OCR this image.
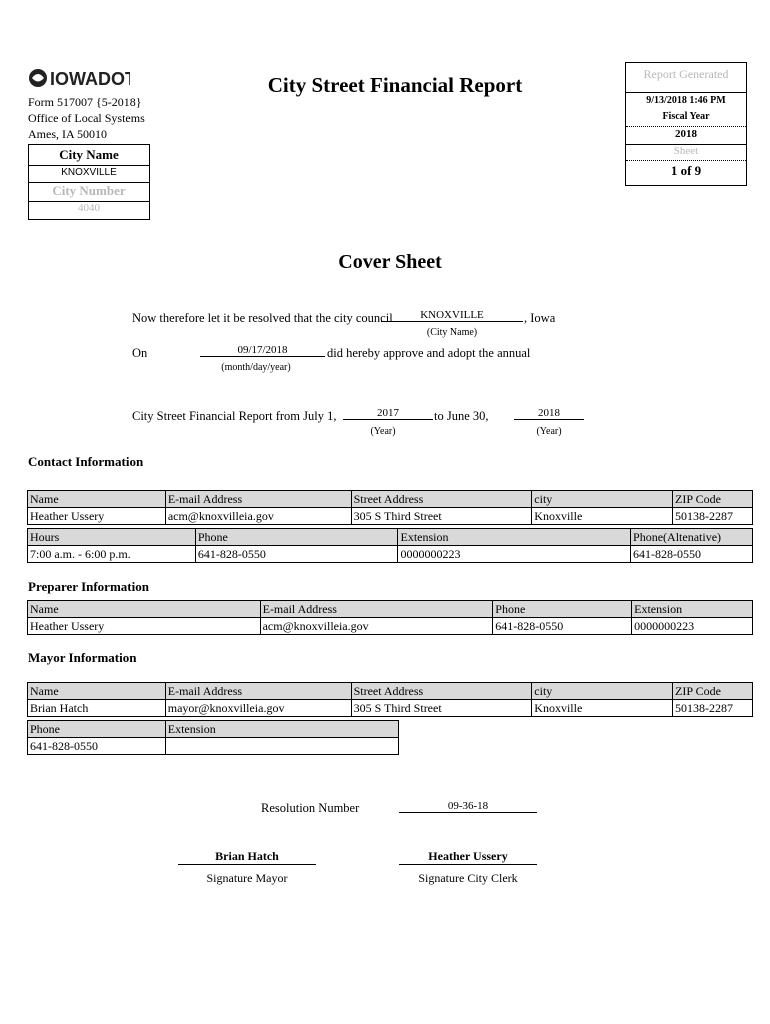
IOWADOT
Form 517007 {5-2018}
Office of Local Systems
Ames, IA 50010
City Name
KNOXVILLE
City Number
4040
City Street Financial Report	Report Generated
9/13/2018 1:46 PM
Fiscal Year
2018
Sheet
1 of 9
Cover Sheet
Now therefore let it be resolved that the city council	KNOXVILLE	, Iowa
(City Name)
On	09/17/2018	did hereby approve and adopt the annual
(month/day/year)
City Street Financial Report from July 1,	2017	to June 30,	2018
(Year)	(Year)
Contact Information
Name	E-mail Address	Street Address	city	ZIP Code
Heather Ussery	acm@knoxvilleia.gov	305 S Third Street	Knoxville	50138-2287
Hours	Phone	Extension	Phone(Altenative)
7:00 a.m. - 6:00 p.m.	641-828-0550	0000000223	641-828-0550
Preparer Information
Name	E-mail Address	Phone	Extension
Heather Ussery	acm@knoxvilleia.gov	641-828-0550	0000000223
Mayor Information
Name	E-mail Address	Street Address	city	ZIP Code
Brian Hatch	mayor@knoxvilleia.gov	305 S Third Street	Knoxville	50138-2287
Phone	Extension
641-828-0550	
Resolution Number	09-36-18
Brian Hatch
Signature Mayor
Heather Ussery
Signature City Clerk
